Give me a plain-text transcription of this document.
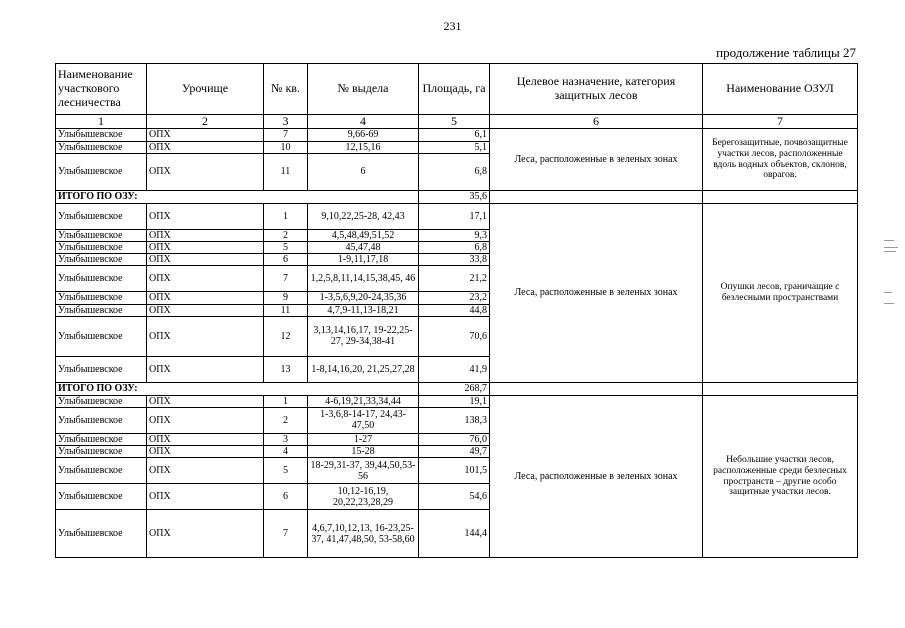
231
продолжение таблицы 27
Наименование участкового лесничества	Урочище	№ кв.	№ выдела	Площадь, га	Целевое назначение, категория защитных лесов	Наименование ОЗУЛ
1	2	3	4	5	6	7
Улыбышевское	ОПХ	7	9,66-69	6,1	Леса, расположенные в зеленых зонах	Берегозащитные, почвозащитные участки лесов, расположенные вдоль водных объектов, склонов, оврагов.
Улыбышевское	ОПХ	10	12,15,16	5,1		
Улыбышевское	ОПХ	11	6	6,8		
ИТОГО ПО ОЗУ:				35,6		
Улыбышевское	ОПХ	1	9,10,22,25-28, 42,43	17,1	Леса, расположенные в зеленых зонах	Опушки лесов, граничащие с безлесными пространствами
Улыбышевское	ОПХ	2	4,5,48,49,51,52	9,3		
Улыбышевское	ОПХ	5	45,47,48	6,8		
Улыбышевское	ОПХ	6	1-9,11,17,18	33,8		
Улыбышевское	ОПХ	7	1,2,5,8,11,14,15,38,45, 46	21,2		
Улыбышевское	ОПХ	9	1-3,5,6,9,20-24,35,36	23,2		
Улыбышевское	ОПХ	11	4,7,9-11,13-18,21	44,8		
Улыбышевское	ОПХ	12	3,13,14,16,17, 19-22,25-27, 29-34,38-41	70,6		
Улыбышевское	ОПХ	13	1-8,14,16,20, 21,25,27,28	41,9		
ИТОГО ПО ОЗУ:				268,7		
Улыбышевское	ОПХ	1	4-6,19,21,33,34,44	19,1	Леса, расположенные в зеленых зонах	Небольшие участки лесов, расположенные среди безлесных пространств – другие особо защитные участки лесов.
Улыбышевское	ОПХ	2	1-3,6,8-14-17, 24,43-47,50	138,3		
Улыбышевское	ОПХ	3	1-27	76,0		
Улыбышевское	ОПХ	4	15-28	49,7		
Улыбышевское	ОПХ	5	18-29,31-37, 39,44,50,53-56	101,5		
Улыбышевское	ОПХ	6	10,12-16,19, 20,22,23,28,29	54,6		
Улыбышевское	ОПХ	7	4,6,7,10,12,13, 16-23,25-37, 41,47,48,50, 53-58,60	144,4		
